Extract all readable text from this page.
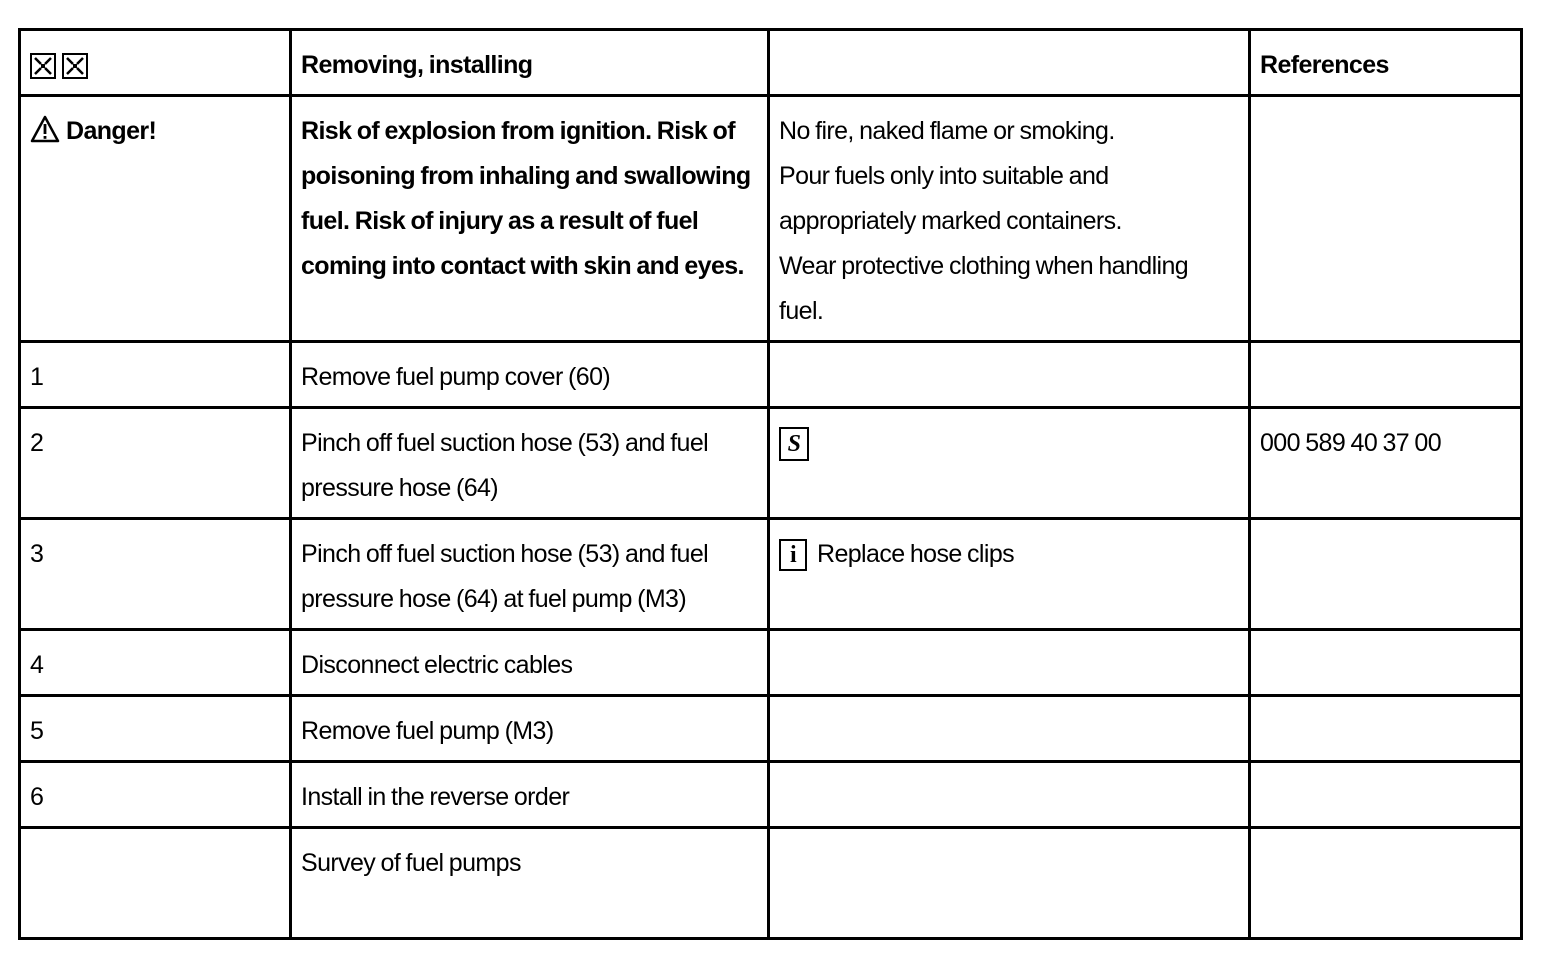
	Removing, installing		References
Danger!	Risk of explosion from ignition. Risk of
poisoning from inhaling and swallowing
fuel. Risk of injury as a result of fuel
coming into contact with skin and eyes.	No fire, naked flame or smoking.
Pour fuels only into suitable and
appropriately marked containers.
Wear protective clothing when handling
fuel.	

1	Remove fuel pump cover (60)		

2	Pinch off fuel suction hose (53) and fuel
pressure hose (64)	S	000 589 40 37 00
3	Pinch off fuel suction hose (53) and fuel
pressure hose (64) at fuel pump (M3)	i Replace hose clips	
4	Disconnect electric cables		

5	Remove fuel pump (M3)		

6	Install in the reverse order		

	Survey of fuel pumps		
